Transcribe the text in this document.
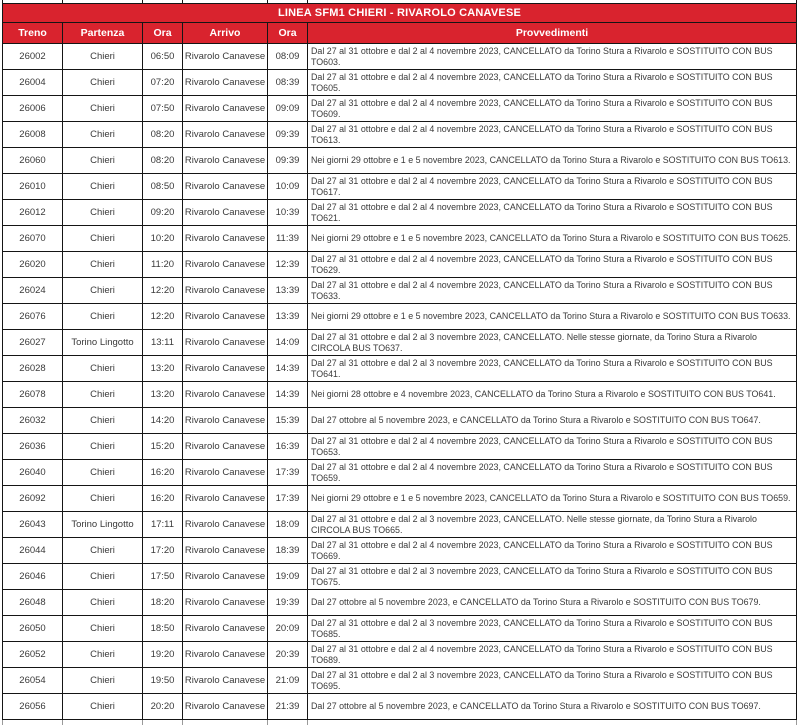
LINEA SFM1 CHIERI - RIVAROLO CANAVESE					
Treno	Partenza	Ora	Arrivo	Ora	Provvedimenti
26002	Chieri	06:50	Rivarolo Canavese	08:09	Dal 27 al 31 ottobre e dal 2 al 4 novembre 2023, CANCELLATO da Torino Stura a Rivarolo e SOSTITUITO CON BUS TO603.
26004	Chieri	07:20	Rivarolo Canavese	08:39	Dal 27 al 31 ottobre e dal 2 al 4 novembre 2023, CANCELLATO da Torino Stura a Rivarolo e SOSTITUITO CON BUS TO605.
26006	Chieri	07:50	Rivarolo Canavese	09:09	Dal 27 al 31 ottobre e dal 2 al 4 novembre 2023, CANCELLATO da Torino Stura a Rivarolo e SOSTITUITO CON BUS TO609.
26008	Chieri	08:20	Rivarolo Canavese	09:39	Dal 27 al 31 ottobre e dal 2 al 4 novembre 2023, CANCELLATO da Torino Stura a Rivarolo e SOSTITUITO CON BUS TO613.
26060	Chieri	08:20	Rivarolo Canavese	09:39	Nei giorni 29 ottobre e 1 e 5 novembre 2023, CANCELLATO da Torino Stura a Rivarolo e SOSTITUITO CON BUS TO613.
26010	Chieri	08:50	Rivarolo Canavese	10:09	Dal 27 al 31 ottobre e dal 2 al 4 novembre 2023, CANCELLATO da Torino Stura a Rivarolo e SOSTITUITO CON BUS TO617.
26012	Chieri	09:20	Rivarolo Canavese	10:39	Dal 27 al 31 ottobre e dal 2 al 4 novembre 2023, CANCELLATO da Torino Stura a Rivarolo e SOSTITUITO CON BUS TO621.
26070	Chieri	10:20	Rivarolo Canavese	11:39	Nei giorni 29 ottobre e 1 e 5 novembre 2023, CANCELLATO da Torino Stura a Rivarolo e SOSTITUITO CON BUS TO625.
26020	Chieri	11:20	Rivarolo Canavese	12:39	Dal 27 al 31 ottobre e dal 2 al 4 novembre 2023, CANCELLATO da Torino Stura a Rivarolo e SOSTITUITO CON BUS TO629.
26024	Chieri	12:20	Rivarolo Canavese	13:39	Dal 27 al 31 ottobre e dal 2 al 4 novembre 2023, CANCELLATO da Torino Stura a Rivarolo e SOSTITUITO CON BUS TO633.
26076	Chieri	12:20	Rivarolo Canavese	13:39	Nei giorni 29 ottobre e 1 e 5 novembre 2023, CANCELLATO da Torino Stura a Rivarolo e SOSTITUITO CON BUS TO633.
26027	Torino Lingotto	13:11	Rivarolo Canavese	14:09	Dal 27 al 31 ottobre e dal 2 al 3 novembre 2023, CANCELLATO. Nelle stesse giornate, da Torino Stura a Rivarolo CIRCOLA BUS TO637.
26028	Chieri	13:20	Rivarolo Canavese	14:39	Dal 27 al 31 ottobre e dal 2 al 3 novembre 2023, CANCELLATO da Torino Stura a Rivarolo e SOSTITUITO CON BUS TO641.
26078	Chieri	13:20	Rivarolo Canavese	14:39	Nei giorni 28 ottobre e 4 novembre 2023, CANCELLATO da Torino Stura a Rivarolo e SOSTITUITO CON BUS TO641.
26032	Chieri	14:20	Rivarolo Canavese	15:39	Dal 27 ottobre al 5 novembre 2023, e CANCELLATO da Torino Stura a Rivarolo e SOSTITUITO CON BUS TO647.
26036	Chieri	15:20	Rivarolo Canavese	16:39	Dal 27 al 31 ottobre e dal 2 al 4 novembre 2023, CANCELLATO da Torino Stura a Rivarolo e SOSTITUITO CON BUS TO653.
26040	Chieri	16:20	Rivarolo Canavese	17:39	Dal 27 al 31 ottobre e dal 2 al 4 novembre 2023, CANCELLATO da Torino Stura a Rivarolo e SOSTITUITO CON BUS TO659.
26092	Chieri	16:20	Rivarolo Canavese	17:39	Nei giorni 29 ottobre e 1 e 5 novembre 2023, CANCELLATO da Torino Stura a Rivarolo e SOSTITUITO CON BUS TO659.
26043	Torino Lingotto	17:11	Rivarolo Canavese	18:09	Dal 27 al 31 ottobre e dal 2 al 3 novembre 2023, CANCELLATO. Nelle stesse giornate, da Torino Stura a Rivarolo CIRCOLA BUS TO665.
26044	Chieri	17:20	Rivarolo Canavese	18:39	Dal 27 al 31 ottobre e dal 2 al 4 novembre 2023, CANCELLATO da Torino Stura a Rivarolo e SOSTITUITO CON BUS TO669.
26046	Chieri	17:50	Rivarolo Canavese	19:09	Dal 27 al 31 ottobre e dal 2 al 3 novembre 2023, CANCELLATO da Torino Stura a Rivarolo e SOSTITUITO CON BUS TO675.
26048	Chieri	18:20	Rivarolo Canavese	19:39	Dal 27 ottobre al 5 novembre 2023, e CANCELLATO da Torino Stura a Rivarolo e SOSTITUITO CON BUS TO679.
26050	Chieri	18:50	Rivarolo Canavese	20:09	Dal 27 al 31 ottobre e dal 2 al 3 novembre 2023, CANCELLATO da Torino Stura a Rivarolo e SOSTITUITO CON BUS TO685.
26052	Chieri	19:20	Rivarolo Canavese	20:39	Dal 27 al 31 ottobre e dal 2 al 4 novembre 2023, CANCELLATO da Torino Stura a Rivarolo e SOSTITUITO CON BUS TO689.
26054	Chieri	19:50	Rivarolo Canavese	21:09	Dal 27 al 31 ottobre e dal 2 al 3 novembre 2023, CANCELLATO da Torino Stura a Rivarolo e SOSTITUITO CON BUS TO695.
26056	Chieri	20:20	Rivarolo Canavese	21:39	Dal 27 ottobre al 5 novembre 2023, e CANCELLATO da Torino Stura a Rivarolo e SOSTITUITO CON BUS TO697.
